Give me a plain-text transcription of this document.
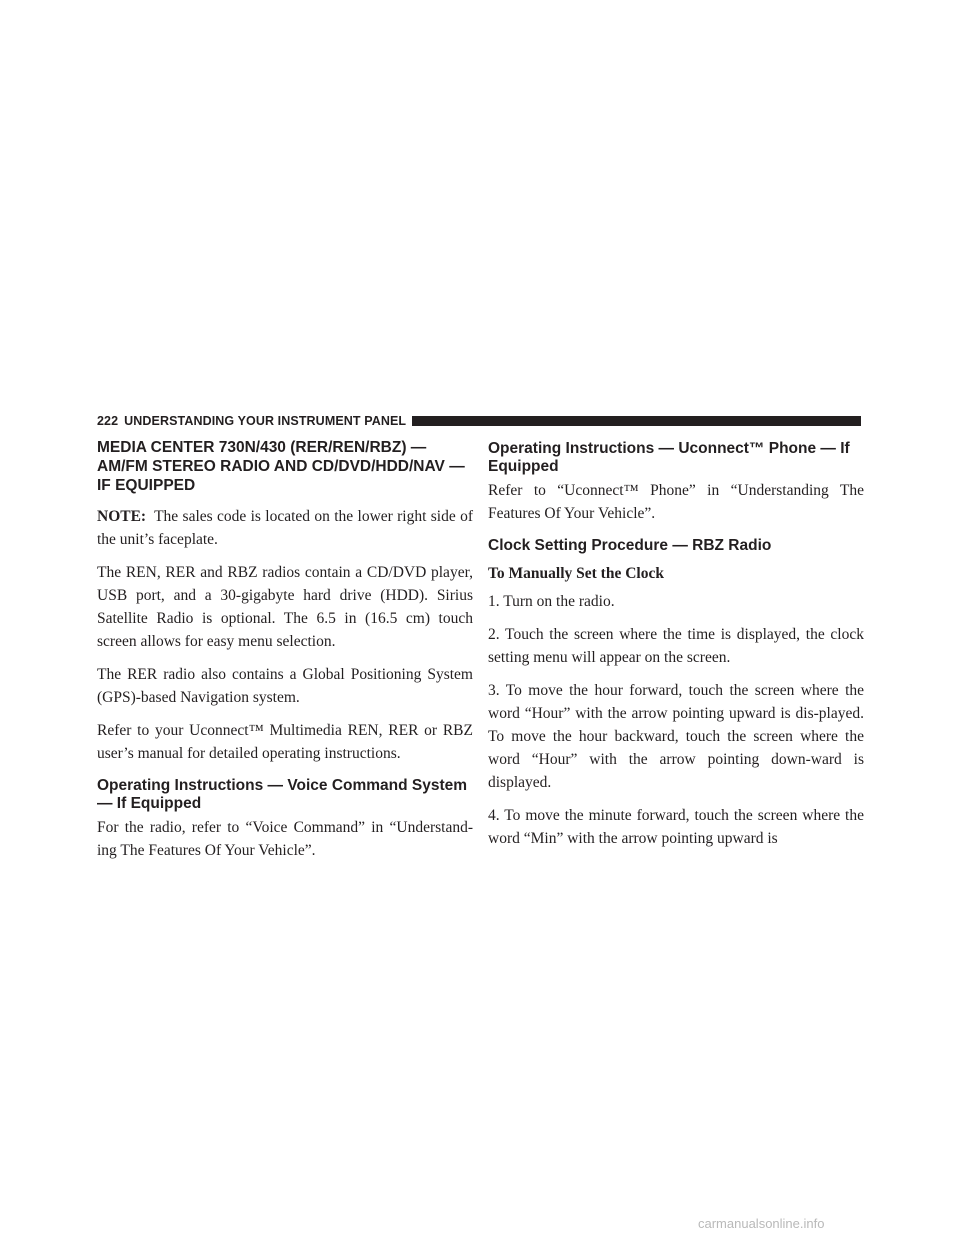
222 UNDERSTANDING YOUR INSTRUMENT PANEL
MEDIA CENTER 730N/430 (RER/REN/RBZ) — AM/FM STEREO RADIO AND CD/DVD/HDD/NAV — IF EQUIPPED

NOTE: The sales code is located on the lower right side of the unit’s faceplate.

The REN, RER and RBZ radios contain a CD/DVD player, USB port, and a 30-gigabyte hard drive (HDD). Sirius Satellite Radio is optional. The 6.5 in (16.5 cm) touch screen allows for easy menu selection.

The RER radio also contains a Global Positioning System (GPS)-based Navigation system.

Refer to your Uconnect™ Multimedia REN, RER or RBZ user’s manual for detailed operating instructions.

Operating Instructions — Voice Command System — If Equipped

For the radio, refer to “Voice Command” in “Understand-ing The Features Of Your Vehicle”.

Operating Instructions — Uconnect™ Phone — If Equipped

Refer to “Uconnect™ Phone” in “Understanding The Features Of Your Vehicle”.

Clock Setting Procedure — RBZ Radio
To Manually Set the Clock

1. Turn on the radio.

2. Touch the screen where the time is displayed, the clock setting menu will appear on the screen.

3. To move the hour forward, touch the screen where the word “Hour” with the arrow pointing upward is dis-played. To move the hour backward, touch the screen where the word “Hour” with the arrow pointing down-ward is displayed.

4. To move the minute forward, touch the screen where the word “Min” with the arrow pointing upward is

carmanualsonline.info
